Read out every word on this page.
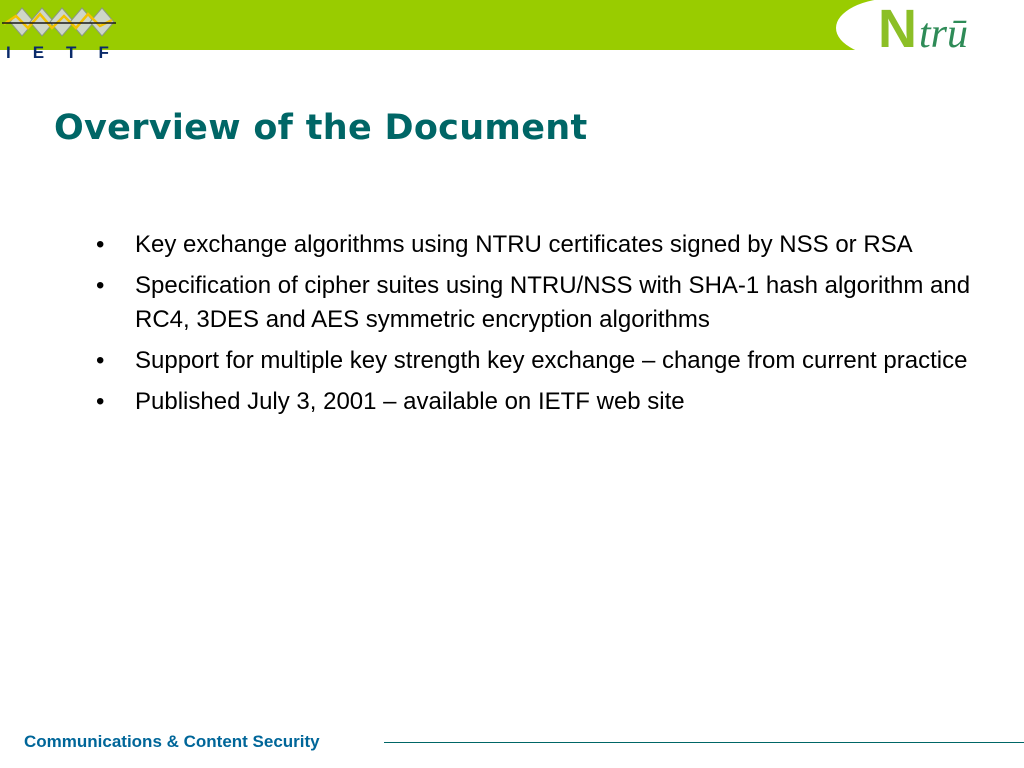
IETF	N trū
Overview of the Document
• Key exchange algorithms using NTRU certificates signed by NSS or RSA
• Specification of cipher suites using NTRU/NSS with SHA-1 hash algorithm and RC4, 3DES and AES symmetric encryption algorithms
• Support for multiple key strength key exchange – change from current practice
• Published July 3, 2001 – available on IETF web site
Communications & Content Security
